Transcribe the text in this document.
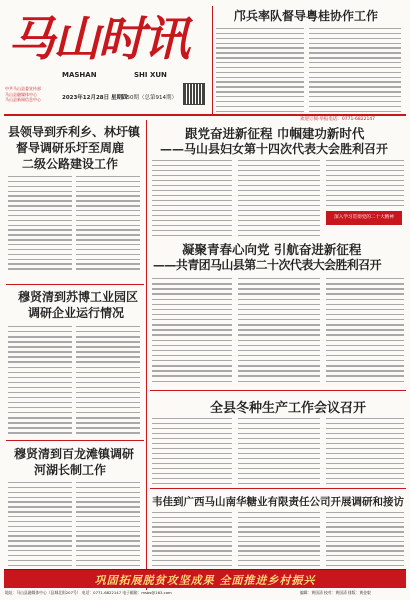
马山时讯
MASHAN	SHI XUN
中共马山县委宣传部
马山县融媒体中心
马山县新闻信息中心	2023年12月28日 星期四
第50期（总第914期）
邝兵率队督导粤桂协作工作
欢迎订阅·举报电话：0771-6822147
县领导到乔利乡、林圩镇
督导调研乐圩至周鹿
二级公路建设工作
跟党奋进新征程 巾帼建功新时代
——马山县妇女第十四次代表大会胜利召开
深入学习贯彻党的二十大精神
凝聚青春心向党 引航奋进新征程
——共青团马山县第二十次代表大会胜利召开
穆贤清到苏博工业园区
调研企业运行情况
全县冬种生产工作会议召开
穆贤清到百龙滩镇调研
河湖长制工作
韦佳到广西马山南华糖业有限责任公司开展调研和接访
巩固拓展脱贫攻坚成果 全面推进乡村振兴
地址：马山县融媒体中心（县城北街207号） 电话：0771-6822147 电子邮箱：msbs@163.com	编辑：黄国清 校对：黄国清 排版：黄金毅
